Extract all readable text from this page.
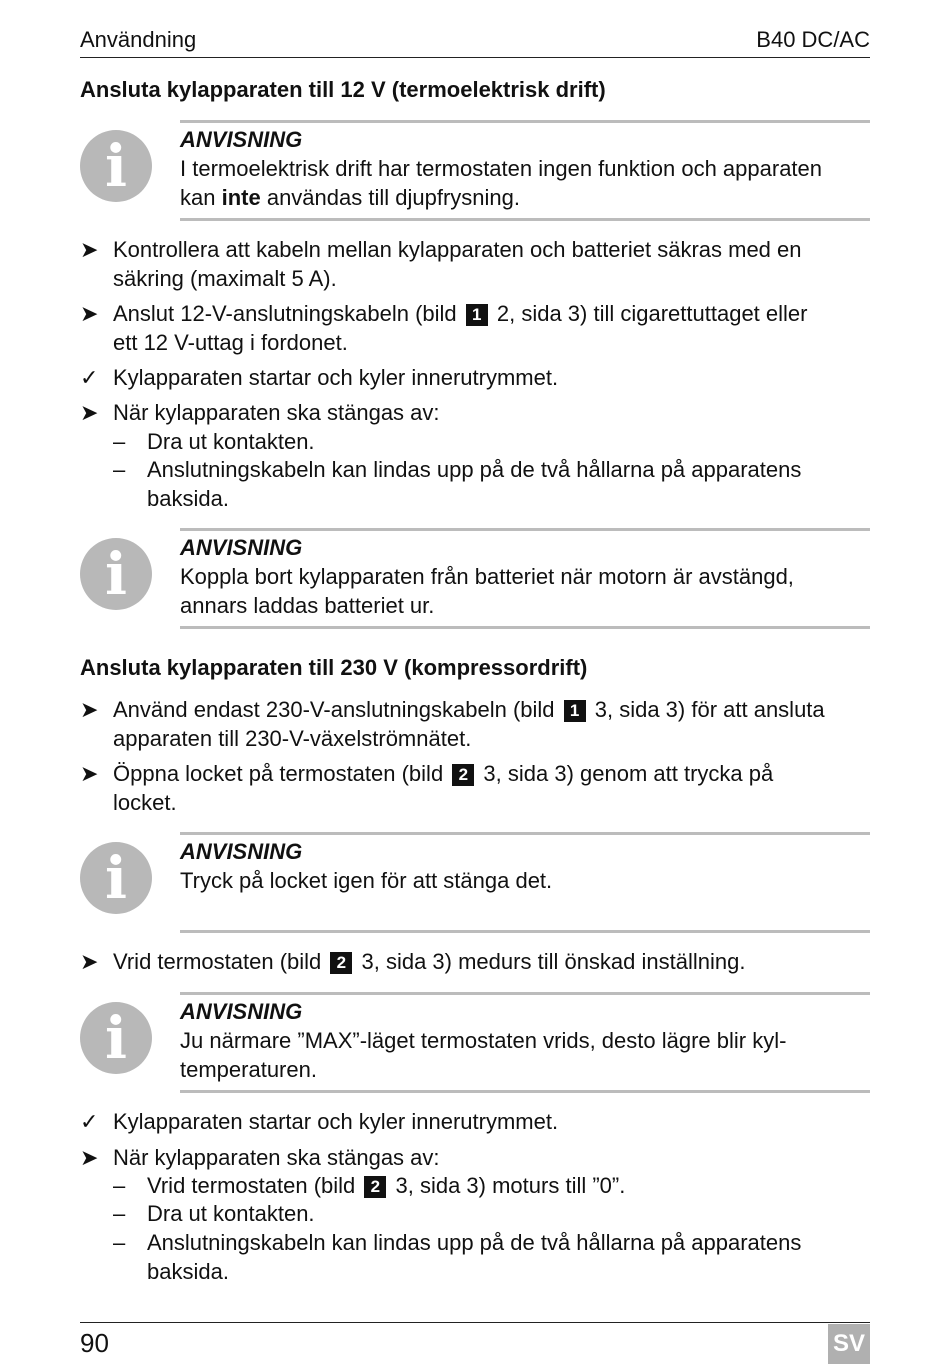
Användning	B40 DC/AC
Ansluta kylapparaten till 12 V (termoelektrisk drift)
i	ANVISNING
I termoelektrisk drift har termostaten ingen funktion och apparaten
kan inte användas till djupfrysning.
➤ Kontrollera att kabeln mellan kylapparaten och batteriet säkras med en
säkring (maximalt 5 A).
➤ Anslut 12-V-anslutningskabeln (bild 1 2, sida 3) till cigarettuttaget eller
ett 12 V-uttag i fordonet.
✓ Kylapparaten startar och kyler innerutrymmet.
➤ När kylapparaten ska stängas av:
– Dra ut kontakten.
– Anslutningskabeln kan lindas upp på de två hållarna på apparatens
baksida.
i	ANVISNING
Koppla bort kylapparaten från batteriet när motorn är avstängd,
annars laddas batteriet ur.
Ansluta kylapparaten till 230 V (kompressordrift)
➤ Använd endast 230-V-anslutningskabeln (bild 1 3, sida 3) för att ansluta
apparaten till 230-V-växelströmnätet.
➤ Öppna locket på termostaten (bild 2 3, sida 3) genom att trycka på
locket.
i	ANVISNING
Tryck på locket igen för att stänga det.
➤ Vrid termostaten (bild 2 3, sida 3) medurs till önskad inställning.
i	ANVISNING
Ju närmare ”MAX”-läget termostaten vrids, desto lägre blir kyl-
temperaturen.
✓ Kylapparaten startar och kyler innerutrymmet.
➤ När kylapparaten ska stängas av:
– Vrid termostaten (bild 2 3, sida 3) moturs till ”0”.
– Dra ut kontakten.
– Anslutningskabeln kan lindas upp på de två hållarna på apparatens
baksida.
90	SV
